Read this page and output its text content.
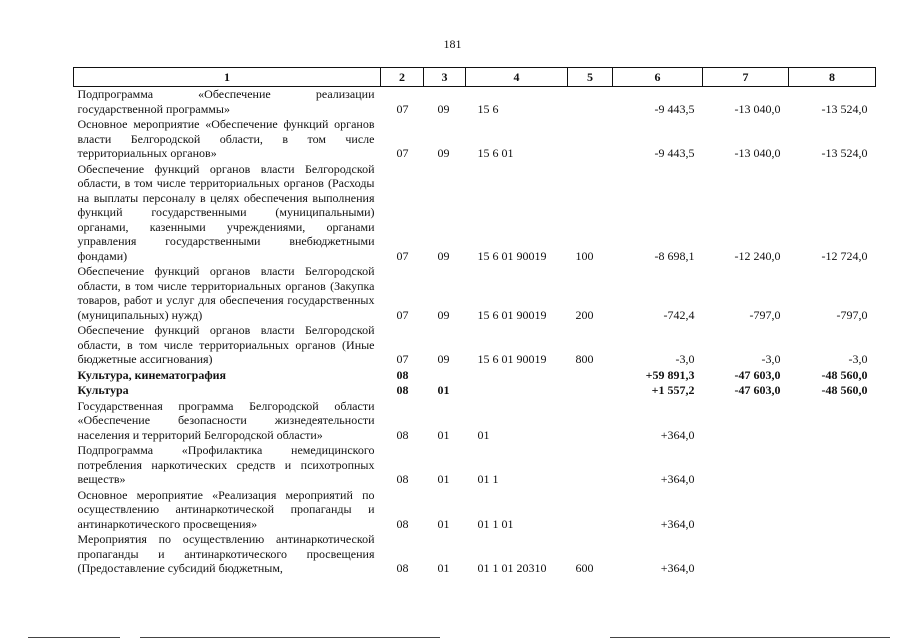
181
1	2	3	4	5	6	7	8
Подпрограмма «Обеспечение реализации государственной программы»	07	09	15 6		-9 443,5	-13 040,0	-13 524,0
Основное мероприятие «Обеспечение функций органов власти Белгородской области, в том числе территориальных органов»	07	09	15 6 01		-9 443,5	-13 040,0	-13 524,0
Обеспечение функций органов власти Белгородской области, в том числе территориальных органов (Расходы на выплаты персоналу в целях обеспечения выполнения функций государственными (муниципальными) органами, казенными учреждениями, органами управления государственными внебюджетными фондами)	07	09	15 6 01 90019	100	-8 698,1	-12 240,0	-12 724,0
Обеспечение функций органов власти Белгородской области, в том числе территориальных органов (Закупка товаров, работ и услуг для обеспечения государственных (муниципальных) нужд)	07	09	15 6 01 90019	200	-742,4	-797,0	-797,0
Обеспечение функций органов власти Белгородской области, в том числе территориальных органов (Иные бюджетные ассигнования)	07	09	15 6 01 90019	800	-3,0	-3,0	-3,0
Культура, кинематография	08				+59 891,3	-47 603,0	-48 560,0
Культура	08	01			+1 557,2	-47 603,0	-48 560,0
Государственная программа Белгородской области «Обеспечение безопасности жизнедеятельности населения и территорий Белгородской области»	08	01	01		+364,0		
Подпрограмма «Профилактика немедицинского потребления наркотических средств и психотропных веществ»	08	01	01 1		+364,0		
Основное мероприятие «Реализация мероприятий по осуществлению антинаркотической пропаганды и антинаркотического просвещения»	08	01	01 1 01		+364,0		
Мероприятия по осуществлению антинаркотической пропаганды и антинаркотического просвещения (Предоставление субсидий бюджетным,	08	01	01 1 01 20310	600	+364,0		
